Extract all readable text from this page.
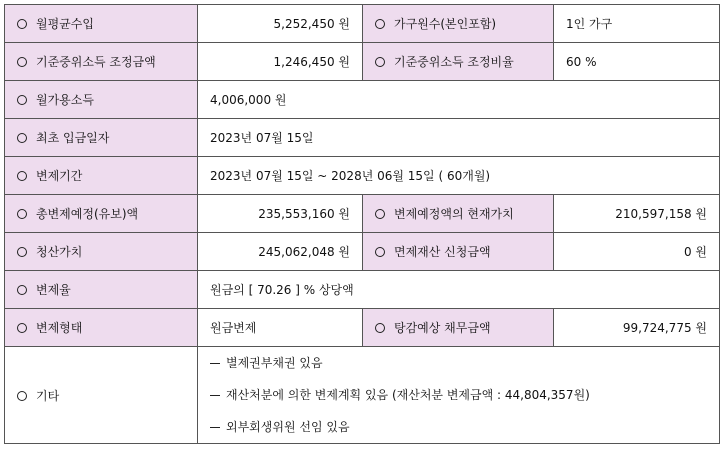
월평균수입	5,252,450 원	가구원수(본인포함)	1인 가구
기준중위소득 조정금액	1,246,450 원	기준중위소득 조정비율	60 %
월가용소득	4,006,000 원		
최초 입금일자	2023년 07월 15일		
변제기간	2023년 07월 15일 ~ 2028년 06월 15일 ( 60개월)		
총변제예정(유보)액	235,553,160 원	변제예정액의 현재가치	210,597,158 원
청산가치	245,062,048 원	면제재산 신청금액	0 원
변제율	원금의 [ 70.26 ] % 상당액		
변제형태	원금변제	탕감예상 채무금액	99,724,775 원
기타	별제권부채권 있음
재산처분에 의한 변제계획 있음 (재산처분 변제금액 : 44,804,357원)
외부회생위원 선임 있음		
